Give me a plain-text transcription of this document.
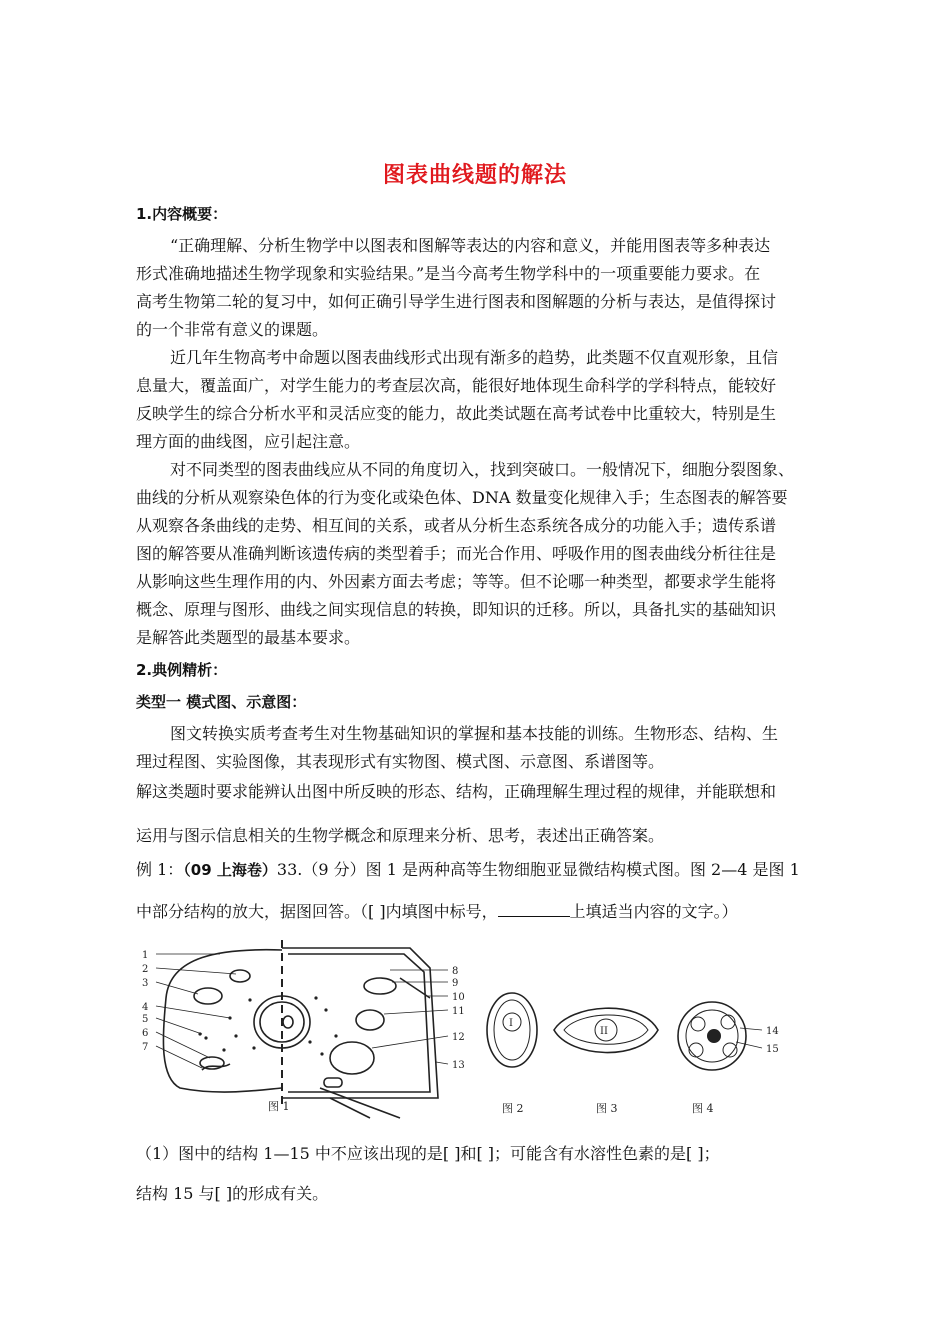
图表曲线题的解法
1.内容概要：
“正确理解、分析生物学中以图表和图解等表达的内容和意义，并能用图表等多种表达
形式准确地描述生物学现象和实验结果。”是当今高考生物学科中的一项重要能力要求。在
高考生物第二轮的复习中，如何正确引导学生进行图表和图解题的分析与表达，是值得探讨
的一个非常有意义的课题。
近几年生物高考中命题以图表曲线形式出现有渐多的趋势，此类题不仅直观形象，且信
息量大，覆盖面广，对学生能力的考查层次高，能很好地体现生命科学的学科特点，能较好
反映学生的综合分析水平和灵活应变的能力，故此类试题在高考试卷中比重较大，特别是生
理方面的曲线图，应引起注意。
对不同类型的图表曲线应从不同的角度切入，找到突破口。一般情况下，细胞分裂图象、
曲线的分析从观察染色体的行为变化或染色体、DNA 数量变化规律入手；生态图表的解答要
从观察各条曲线的走势、相互间的关系，或者从分析生态系统各成分的功能入手；遗传系谱
图的解答要从准确判断该遗传病的类型着手；而光合作用、呼吸作用的图表曲线分析往往是
从影响这些生理作用的内、外因素方面去考虑；等等。但不论哪一种类型，都要求学生能将
概念、原理与图形、曲线之间实现信息的转换，即知识的迁移。所以，具备扎实的基础知识
是解答此类题型的最基本要求。
2.典例精析：
类型一 模式图、示意图：
图文转换实质考查考生对生物基础知识的掌握和基本技能的训练。生物形态、结构、生
理过程图、实验图像，其表现形式有实物图、模式图、示意图、系谱图等。
解这类题时要求能辨认出图中所反映的形态、结构，正确理解生理过程的规律，并能联想和
运用与图示信息相关的生物学概念和原理来分析、思考，表述出正确答案。
例 1：（09 上海卷）33.（9 分）图 1 是两种高等生物细胞亚显微结构模式图。图 2—4 是图 1
中部分结构的放大，据图回答。（[ ]内填图中标号，	上填适当内容的文字。）
1
2
3
4
5
6
7
8
9
10
11
12
13
I
II	14
15
图 1	图 2	图 3	图 4
（1）图中的结构 1—15 中不应该出现的是[ ]和[ ]；可能含有水溶性色素的是[ ]；
结构 15 与[ ]的形成有关。
